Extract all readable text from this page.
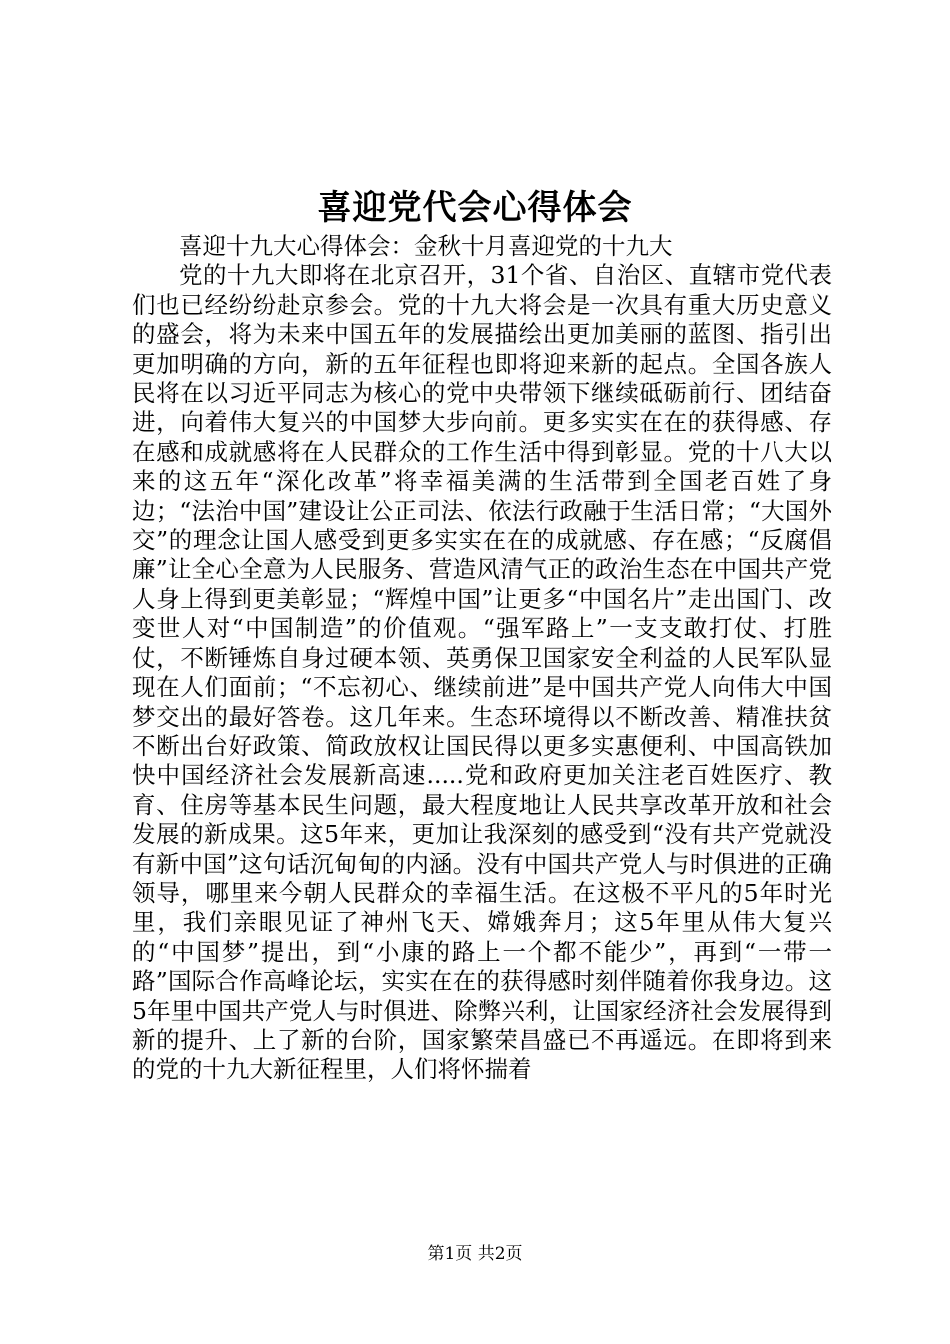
喜迎党代会心得体会

喜迎十九大心得体会：金秋十月喜迎党的十九大

党的十九大即将在北京召开，31个省、自治区、直辖市党代表们也已经纷纷赴京参会。党的十九大将会是一次具有重大历史意义的盛会，将为未来中国五年的发展描绘出更加美丽的蓝图、指引出更加明确的方向，新的五年征程也即将迎来新的起点。全国各族人民将在以习近平同志为核心的党中央带领下继续砥砺前行、团结奋进，向着伟大复兴的中国梦大步向前。更多实实在在的获得感、存在感和成就感将在人民群众的工作生活中得到彰显。党的十八大以来的这五年“深化改革”将幸福美满的生活带到全国老百姓了身边；“法治中国”建设让公正司法、依法行政融于生活日常；“大国外交”的理念让国人感受到更多实实在在的成就感、存在感；“反腐倡廉”让全心全意为人民服务、营造风清气正的政治生态在中国共产党人身上得到更美彰显；“辉煌中国”让更多“中国名片”走出国门、改变世人对“中国制造”的价值观。“强军路上”一支支敢打仗、打胜仗，不断锤炼自身过硬本领、英勇保卫国家安全利益的人民军队显现在人们面前；“不忘初心、继续前进”是中国共产党人向伟大中国梦交出的最好答卷。这几年来。生态环境得以不断改善、精准扶贫不断出台好政策、简政放权让国民得以更多实惠便利、中国高铁加快中国经济社会发展新高速.....党和政府更加关注老百姓医疗、教育、住房等基本民生问题，最大程度地让人民共享改革开放和社会发展的新成果。这5年来，更加让我深刻的感受到“没有共产党就没有新中国”这句话沉甸甸的内涵。没有中国共产党人与时俱进的正确领导，哪里来今朝人民群众的幸福生活。在这极不平凡的5年时光里，我们亲眼见证了神州飞天、嫦娥奔月；这5年里从伟大复兴的“中国梦”提出，到“小康的路上一个都不能少”，再到“一带一路”国际合作高峰论坛，实实在在的获得感时刻伴随着你我身边。这5年里中国共产党人与时俱进、除弊兴利，让国家经济社会发展得到新的提升、上了新的台阶，国家繁荣昌盛已不再遥远。在即将到来的党的十九大新征程里，人们将怀揣着

第1页 共2页
